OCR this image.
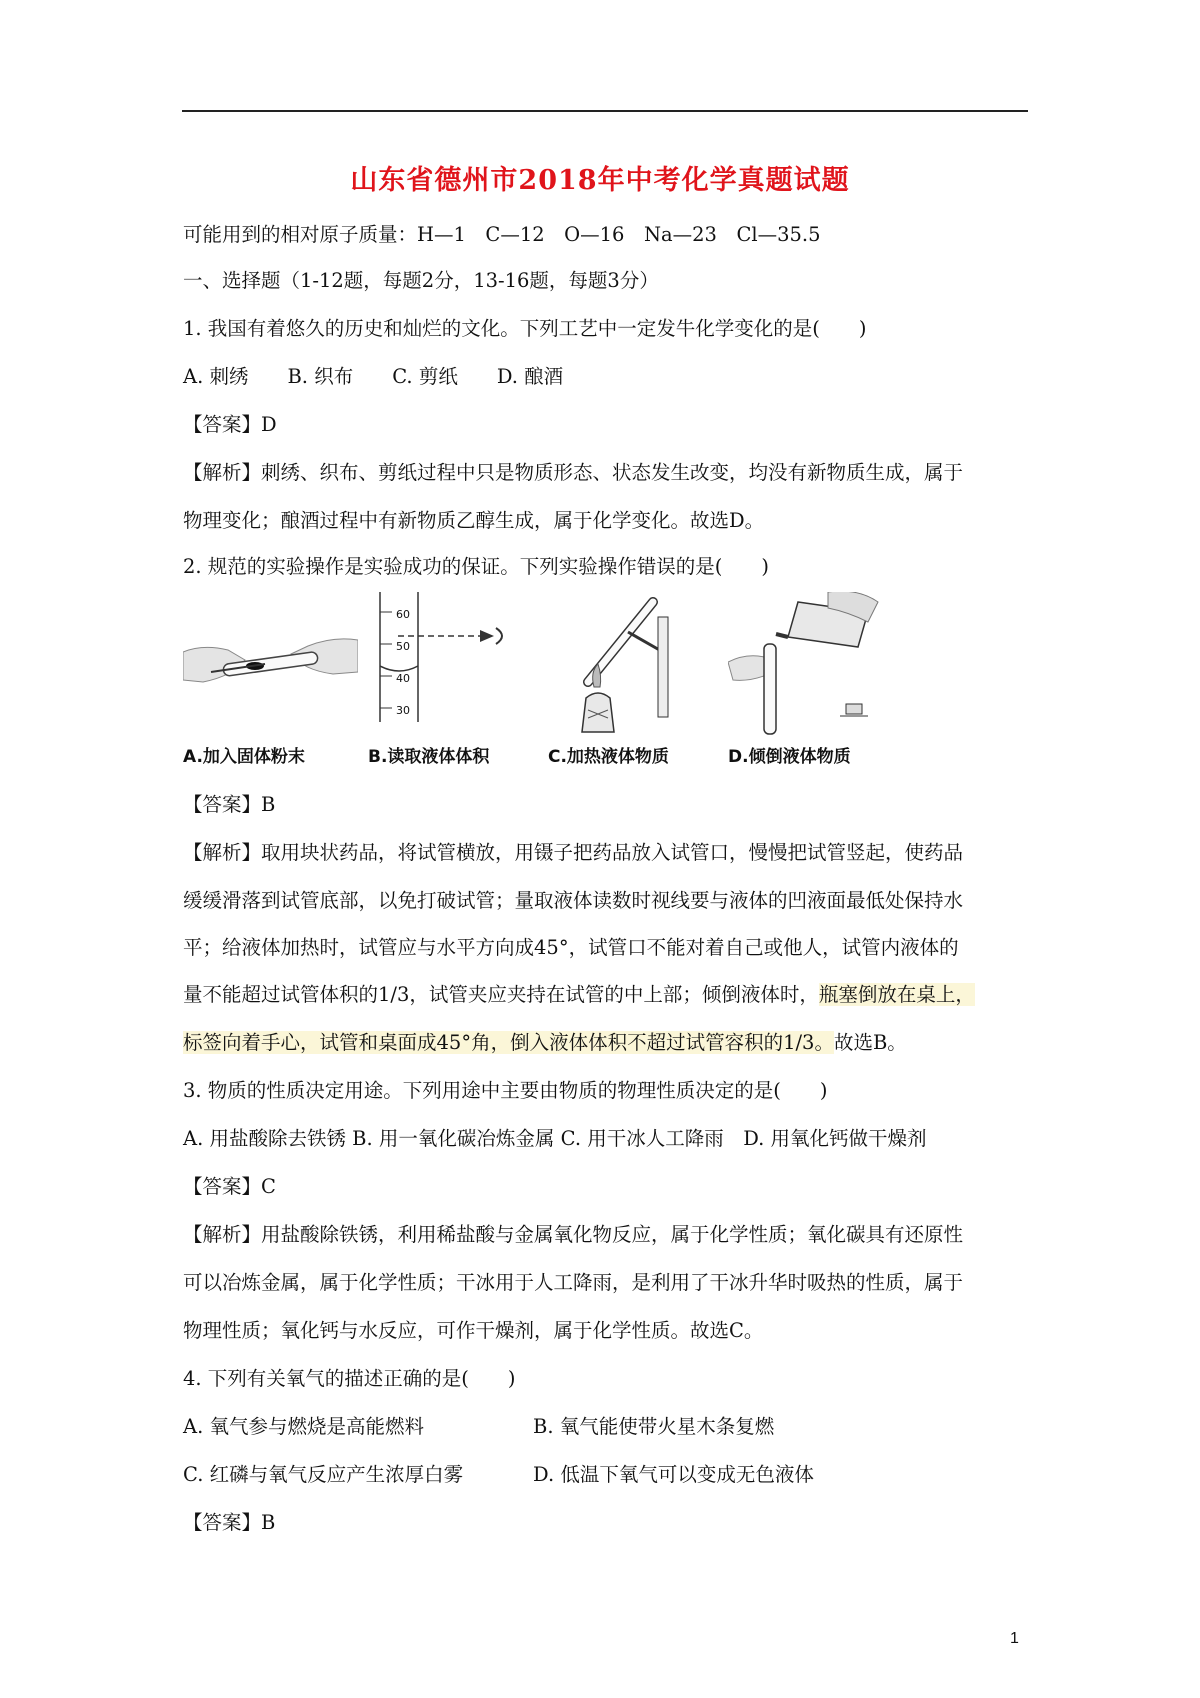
山东省德州市2018年中考化学真题试题
可能用到的相对原子质量：H—1　C—12　O—16　Na—23　Cl—35.5
一、选择题（1-12题，每题2分，13-16题，每题3分）
1. 我国有着悠久的历史和灿烂的文化。下列工艺中一定发牛化学变化的是(　　)
A. 刺绣　　B. 织布　　C. 剪纸　　D. 酿酒
【答案】D
【解析】刺绣、织布、剪纸过程中只是物质形态、状态发生改变，均没有新物质生成，属于
物理变化；酿酒过程中有新物质乙醇生成，属于化学变化。故选D。
2. 规范的实验操作是实验成功的保证。下列实验操作错误的是(　　)
A.加入固体粉末
60
50
40
30
B.读取液体体积	C.加热液体物质	D.倾倒液体物质
【答案】B
【解析】取用块状药品，将试管横放，用镊子把药品放入试管口，慢慢把试管竖起，使药品
缓缓滑落到试管底部，以免打破试管；量取液体读数时视线要与液体的凹液面最低处保持水
平；给液体加热时，试管应与水平方向成45°，试管口不能对着自己或他人，试管内液体的
量不能超过试管体积的1/3，试管夹应夹持在试管的中上部；倾倒液体时，瓶塞倒放在桌上，
标签向着手心，试管和桌面成45°角，倒入液体体积不超过试管容积的1/3。故选B。
3. 物质的性质决定用途。下列用途中主要由物质的物理性质决定的是(　　)
A. 用盐酸除去铁锈 B. 用一氧化碳冶炼金属 C. 用干冰人工降雨　D. 用氧化钙做干燥剂
【答案】C
【解析】用盐酸除铁锈，利用稀盐酸与金属氧化物反应，属于化学性质；氧化碳具有还原性
可以冶炼金属，属于化学性质；干冰用于人工降雨，是利用了干冰升华时吸热的性质，属于
物理性质；氧化钙与水反应，可作干燥剂，属于化学性质。故选C。
4. 下列有关氧气的描述正确的是(　　)
A. 氧气参与燃烧是高能燃料	B. 氧气能使带火星木条复燃
C. 红磷与氧气反应产生浓厚白雾	D. 低温下氧气可以变成无色液体
【答案】B
1
